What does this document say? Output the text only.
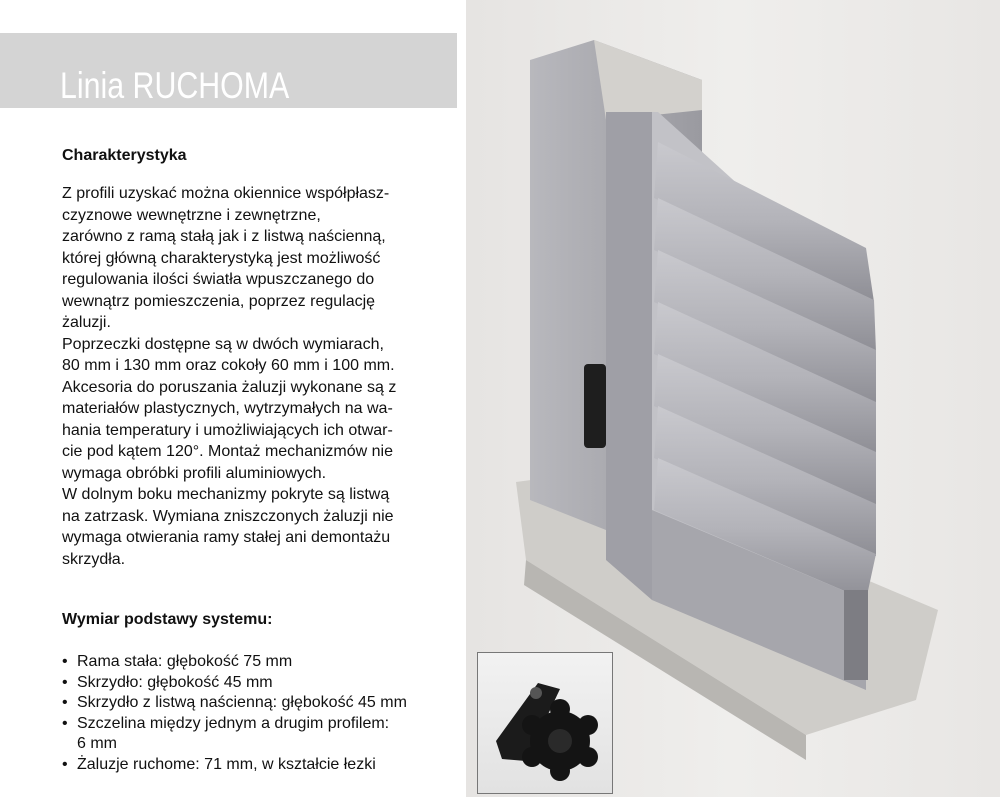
Linia RUCHOMA

Charakterystyka

Z profili uzyskać można okiennice współpłasz-
czyznowe wewnętrzne i zewnętrzne,
zarówno z ramą stałą jak i z listwą naścienną,
której główną charakterystyką jest możliwość
regulowania ilości światła wpuszczanego do
wewnątrz pomieszczenia, poprzez regulację
żaluzji.
Poprzeczki dostępne są w dwóch wymiarach,
80 mm i 130 mm oraz cokoły 60 mm i 100 mm.
Akcesoria do poruszania żaluzji wykonane są z
materiałów plastycznych, wytrzymałych na wa-
hania temperatury i umożliwiających ich otwar-
cie pod kątem 120°. Montaż mechanizmów nie
wymaga obróbki profili aluminiowych.
W dolnym boku mechanizmy pokryte są listwą
na zatrzask. Wymiana zniszczonych żaluzji nie
wymaga otwierania ramy stałej ani demontażu
skrzydła.

Wymiar podstawy systemu:

• Rama stała: głębokość 75 mm
• Skrzydło: głębokość 45 mm
• Skrzydło z listwą naścienną: głębokość 45 mm
• Szczelina między jednym a drugim profilem:
6 mm
• Żaluzje ruchome: 71 mm, w kształcie łezki
